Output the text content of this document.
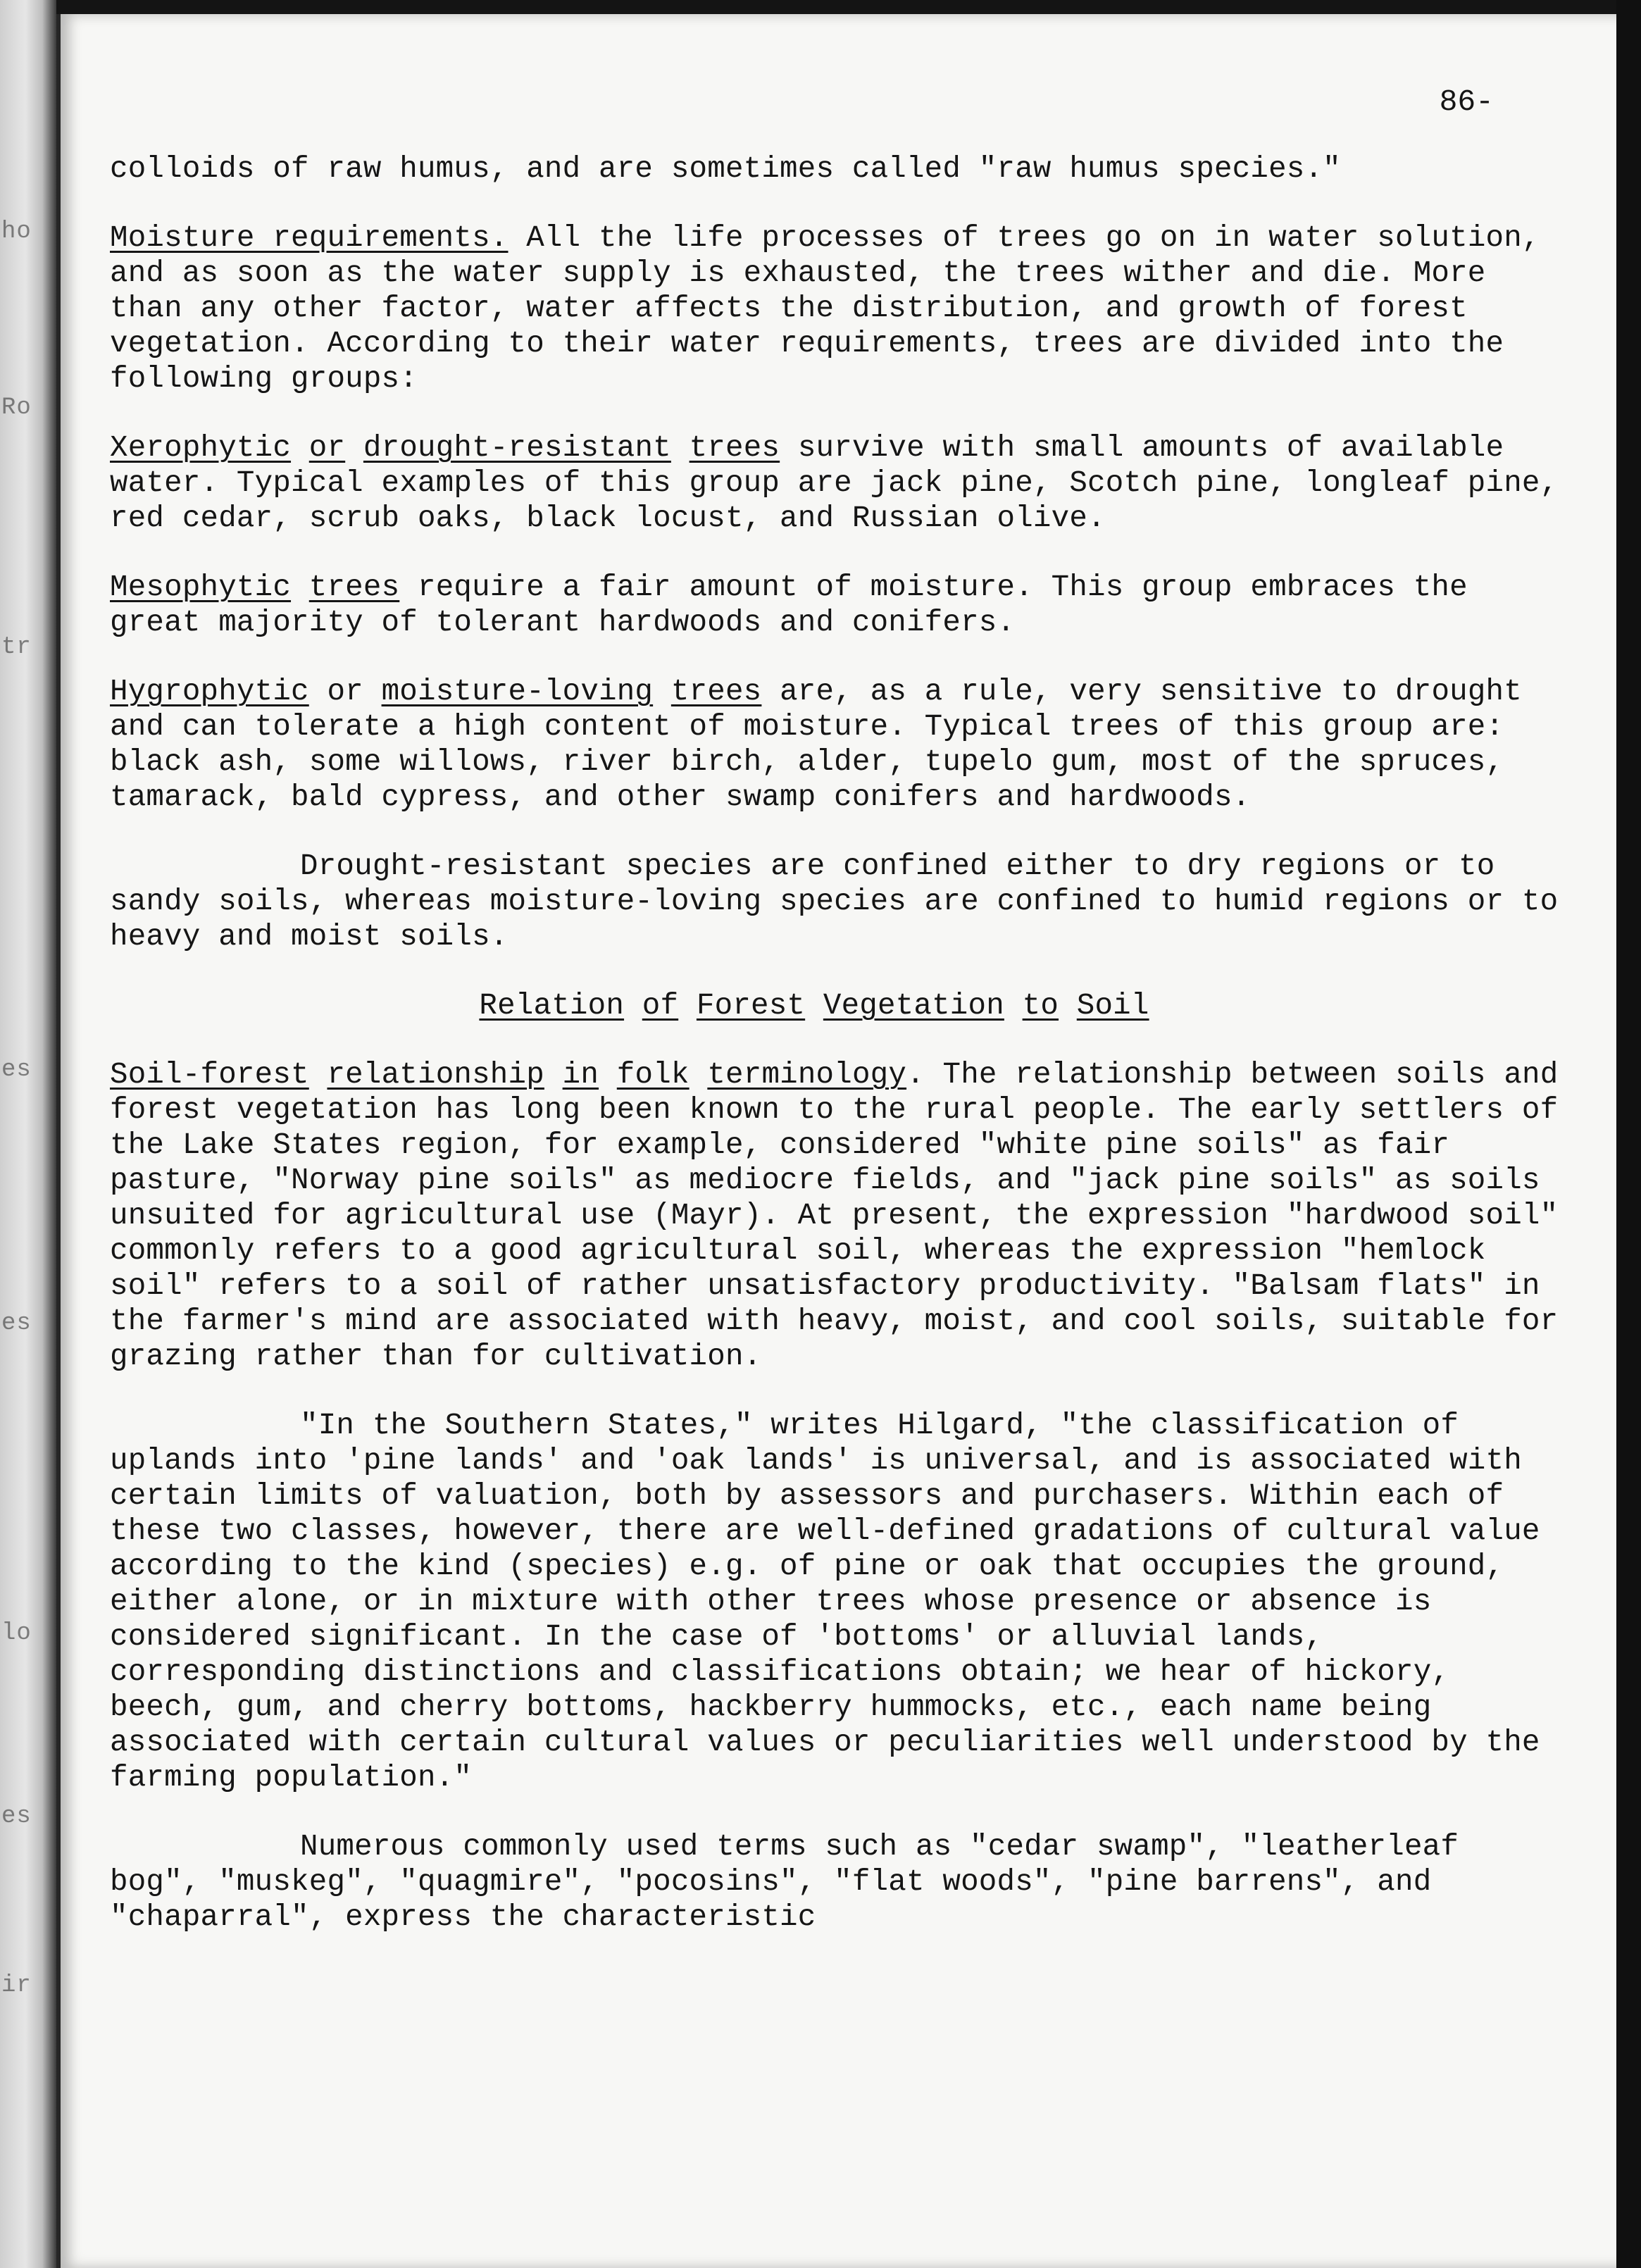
ho
Ro
tr
es
es
lo
es
ir

86-

colloids of raw humus, and are sometimes called "raw humus species."

Moisture requirements. All the life processes of trees go on in water solution, and as soon as the water supply is exhausted, the trees wither and die. More than any other factor, water affects the distribution, and growth of forest vegetation. According to their water requirements, trees are divided into the following groups:

Xerophytic or drought-resistant trees survive with small amounts of available water. Typical examples of this group are jack pine, Scotch pine, longleaf pine, red cedar, scrub oaks, black locust, and Russian olive.

Mesophytic trees require a fair amount of moisture. This group embraces the great majority of tolerant hardwoods and conifers.

Hygrophytic or moisture-loving trees are, as a rule, very sensitive to drought and can tolerate a high content of moisture. Typical trees of this group are: black ash, some willows, river birch, alder, tupelo gum, most of the spruces, tamarack, bald cypress, and other swamp conifers and hardwoods.

Drought-resistant species are confined either to dry regions or to sandy soils, whereas moisture-loving species are confined to humid regions or to heavy and moist soils.

Relation of Forest Vegetation to Soil

Soil-forest relationship in folk terminology. The relationship between soils and forest vegetation has long been known to the rural people. The early settlers of the Lake States region, for example, considered "white pine soils" as fair pasture, "Norway pine soils" as mediocre fields, and "jack pine soils" as soils unsuited for agricultural use (Mayr). At present, the expression "hardwood soil" commonly refers to a good agricultural soil, whereas the expression "hemlock soil" refers to a soil of rather unsatisfactory productivity. "Balsam flats" in the farmer's mind are associated with heavy, moist, and cool soils, suitable for grazing rather than for cultivation.

"In the Southern States," writes Hilgard, "the classification of uplands into 'pine lands' and 'oak lands' is universal, and is associated with certain limits of valuation, both by assessors and purchasers. Within each of these two classes, however, there are well-defined gradations of cultural value according to the kind (species) e.g. of pine or oak that occupies the ground, either alone, or in mixture with other trees whose presence or absence is considered significant. In the case of 'bottoms' or alluvial lands, corresponding distinctions and classifications obtain; we hear of hickory, beech, gum, and cherry bottoms, hackberry hummocks, etc., each name being associated with certain cultural values or peculiarities well understood by the farming population."

Numerous commonly used terms such as "cedar swamp", "leatherleaf bog", "muskeg", "quagmire", "pocosins", "flat woods", "pine barrens", and "chaparral", express the characteristic
